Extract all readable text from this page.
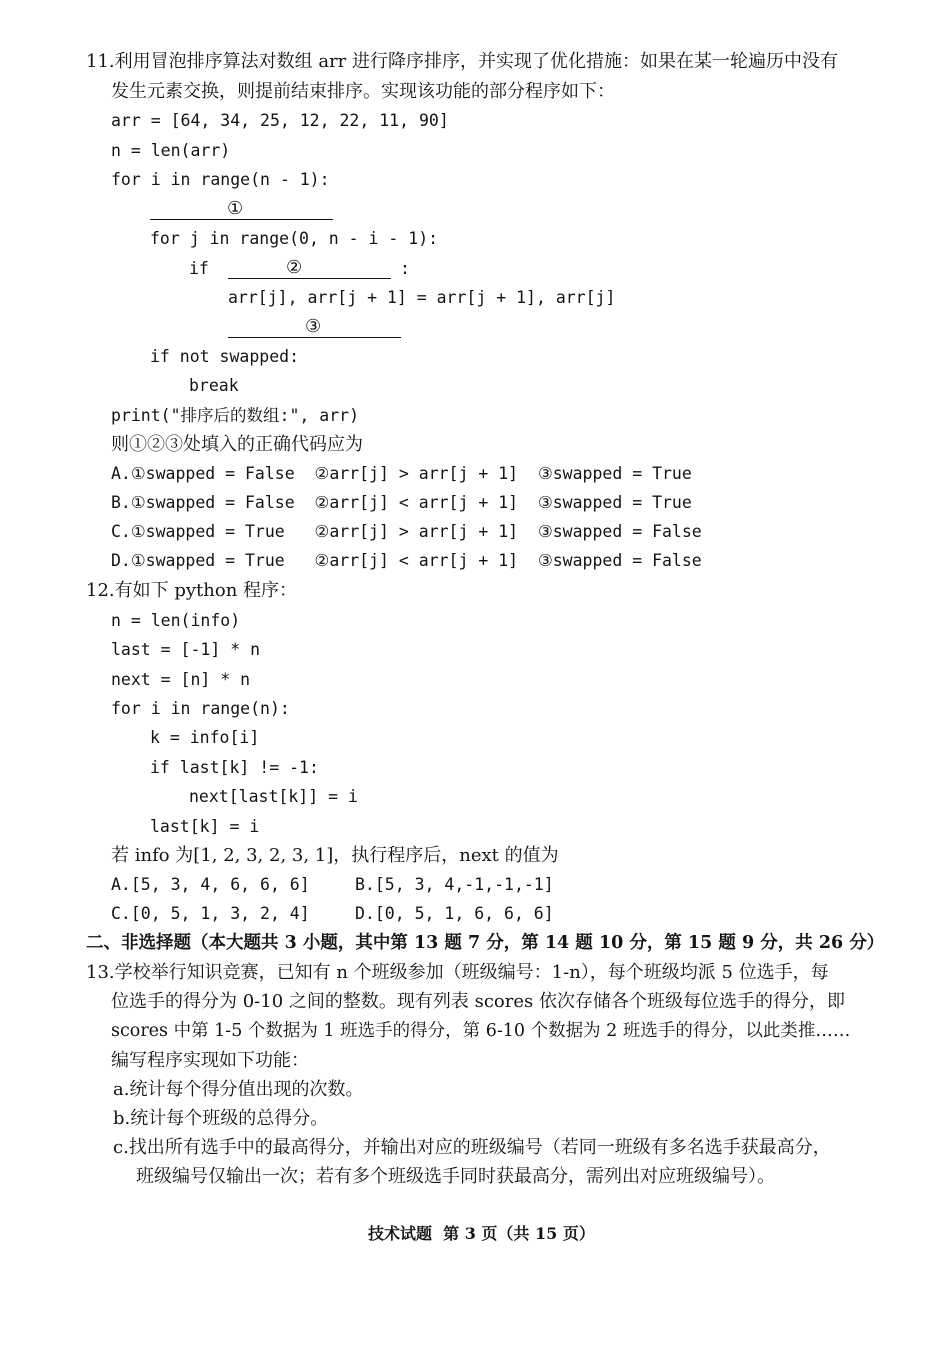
11.利用冒泡排序算法对数组 arr 进行降序排序，并实现了优化措施：如果在某一轮遍历中没有
发生元素交换，则提前结束排序。实现该功能的部分程序如下：
arr = [64, 34, 25, 12, 22, 11, 90]
n = len(arr)
for i in range(n - 1):
①
for j in range(0, n - i - 1):
if	②	:
arr[j], arr[j + 1] = arr[j + 1], arr[j]
③
if not swapped:
break
print("排序后的数组:", arr)
则①②③处填入的正确代码应为
A.①swapped = False  ②arr[j] > arr[j + 1]  ③swapped = True
B.①swapped = False  ②arr[j] < arr[j + 1]  ③swapped = True
C.①swapped = True   ②arr[j] > arr[j + 1]  ③swapped = False
D.①swapped = True   ②arr[j] < arr[j + 1]  ③swapped = False
12.有如下 python 程序：
n = len(info)
last = [-1] * n
next = [n] * n
for i in range(n):
k = info[i]
if last[k] != -1:
next[last[k]] = i
last[k] = i
若 info 为[1, 2, 3, 2, 3, 1]，执行程序后，next 的值为
A.[5, 3, 4, 6, 6, 6]	B.[5, 3, 4,-1,-1,-1]
C.[0, 5, 1, 3, 2, 4]	D.[0, 5, 1, 6, 6, 6]
二、非选择题（本大题共 3 小题，其中第 13 题 7 分，第 14 题 10 分，第 15 题 9 分，共 26 分）
13.学校举行知识竞赛，已知有 n 个班级参加（班级编号：1-n），每个班级均派 5 位选手，每
位选手的得分为 0-10 之间的整数。现有列表 scores 依次存储各个班级每位选手的得分，即
scores 中第 1-5 个数据为 1 班选手的得分，第 6-10 个数据为 2 班选手的得分，以此类推……
编写程序实现如下功能：
a.统计每个得分值出现的次数。
b.统计每个班级的总得分。
c.找出所有选手中的最高得分，并输出对应的班级编号（若同一班级有多名选手获最高分，
班级编号仅输出一次；若有多个班级选手同时获最高分，需列出对应班级编号）。
技术试题  第 3 页（共 15 页）
